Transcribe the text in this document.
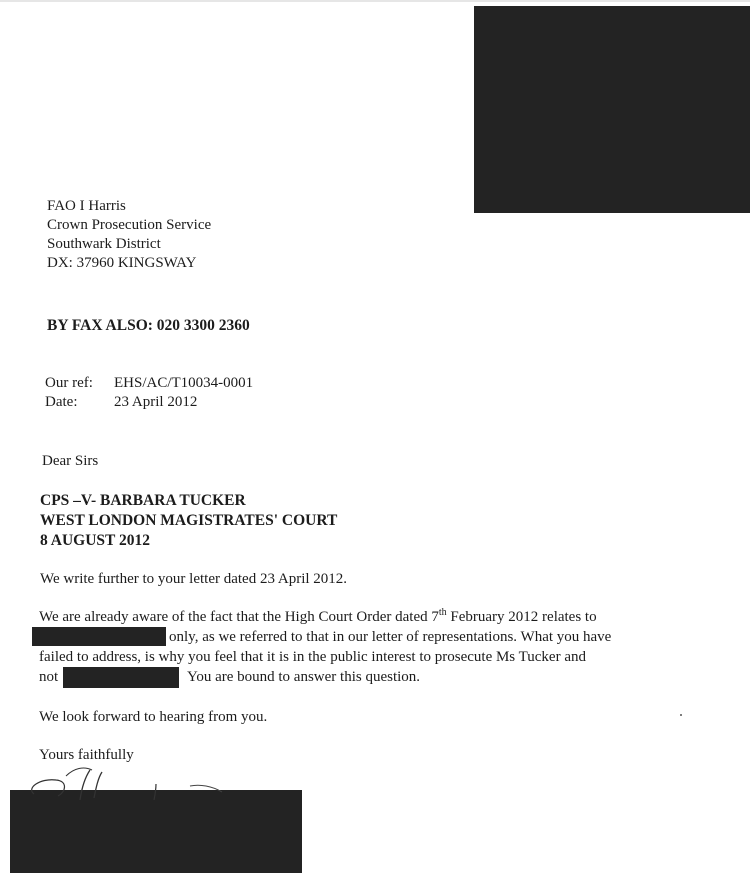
FAO I Harris
Crown Prosecution Service
Southwark District
DX: 37960 KINGSWAY
BY FAX ALSO: 020 3300 2360
Our ref: EHS/AC/T10034-0001
Date: 23 April 2012
Dear Sirs
CPS –V- BARBARA TUCKER
WEST LONDON MAGISTRATES' COURT
8 AUGUST 2012
We write further to your letter dated 23 April 2012.
We are already aware of the fact that the High Court Order dated 7th February 2012 relates to
only, as we referred to that in our letter of representations. What you have
failed to address, is why you feel that it is in the public interest to prosecute Ms Tucker and
not	You are bound to answer this question.
We look forward to hearing from you.
Yours faithfully
